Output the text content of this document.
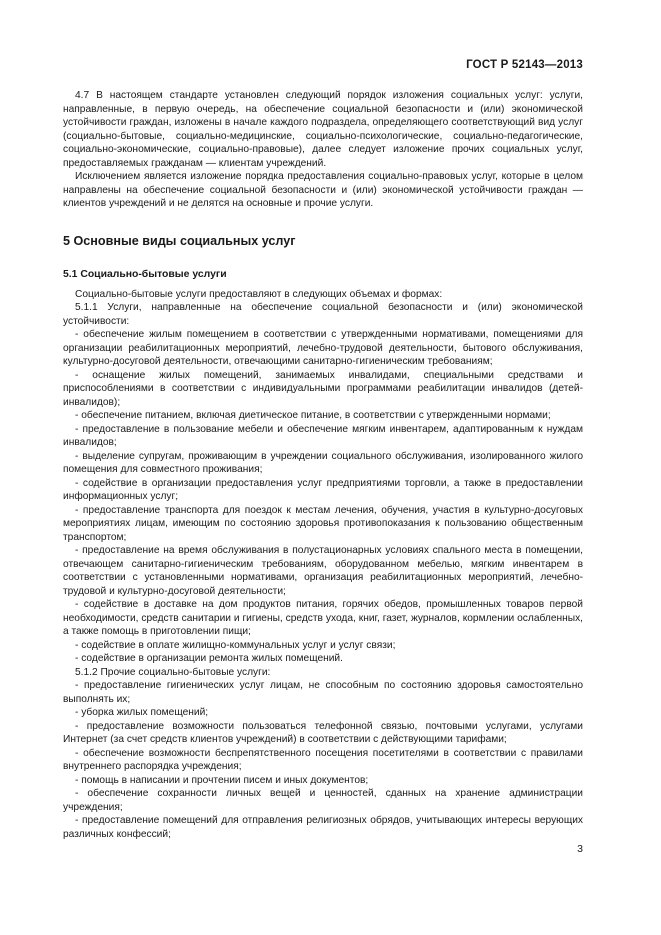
ГОСТ Р 52143—2013

4.7 В настоящем стандарте установлен следующий порядок изложения социальных услуг: услуги, направленные, в первую очередь, на обеспечение социальной безопасности и (или) экономической устойчивости граждан, изложены в начале каждого подраздела, определяющего соответствующий вид услуг (социально-бытовые, социально-медицинские, социально-психологические, социально-педагогические, социально-экономические, социально-правовые), далее следует изложение прочих социальных услуг, предоставляемых гражданам — клиентам учреждений.

Исключением является изложение порядка предоставления социально-правовых услуг, которые в целом направлены на обеспечение социальной безопасности и (или) экономической устойчивости граждан — клиентов учреждений и не делятся на основные и прочие услуги.

5 Основные виды социальных услуг
5.1 Социально-бытовые услуги

Социально-бытовые услуги предоставляют в следующих объемах и формах:

5.1.1 Услуги, направленные на обеспечение социальной безопасности и (или) экономической устойчивости:

- обеспечение жилым помещением в соответствии с утвержденными нормативами, помещениями для организации реабилитационных мероприятий, лечебно-трудовой деятельности, бытового обслуживания, культурно-досуговой деятельности, отвечающими санитарно-гигиеническим требованиям;

- оснащение жилых помещений, занимаемых инвалидами, специальными средствами и приспособлениями в соответствии с индивидуальными программами реабилитации инвалидов (детей-инвалидов);

- обеспечение питанием, включая диетическое питание, в соответствии с утвержденными нормами;

- предоставление в пользование мебели и обеспечение мягким инвентарем, адаптированным к нуждам инвалидов;

- выделение супругам, проживающим в учреждении социального обслуживания, изолированного жилого помещения для совместного проживания;

- содействие в организации предоставления услуг предприятиями торговли, а также в предоставлении информационных услуг;

- предоставление транспорта для поездок к местам лечения, обучения, участия в культурно-досуговых мероприятиях лицам, имеющим по состоянию здоровья противопоказания к пользованию общественным транспортом;

- предоставление на время обслуживания в полустационарных условиях спального места в помещении, отвечающем санитарно-гигиеническим требованиям, оборудованном мебелью, мягким инвентарем в соответствии с установленными нормативами, организация реабилитационных мероприятий, лечебно-трудовой и культурно-досуговой деятельности;

- содействие в доставке на дом продуктов питания, горячих обедов, промышленных товаров первой необходимости, средств санитарии и гигиены, средств ухода, книг, газет, журналов, кормлении ослабленных, а также помощь в приготовлении пищи;

- содействие в оплате жилищно-коммунальных услуг и услуг связи;

- содействие в организации ремонта жилых помещений.

5.1.2 Прочие социально-бытовые услуги:

- предоставление гигиенических услуг лицам, не способным по состоянию здоровья самостоятельно выполнять их;

- уборка жилых помещений;

- предоставление возможности пользоваться телефонной связью, почтовыми услугами, услугами Интернет (за счет средств клиентов учреждений) в соответствии с действующими тарифами;

- обеспечение возможности беспрепятственного посещения посетителями в соответствии с правилами внутреннего распорядка учреждения;

- помощь в написании и прочтении писем и иных документов;

- обеспечение сохранности личных вещей и ценностей, сданных на хранение администрации учреждения;

- предоставление помещений для отправления религиозных обрядов, учитывающих интересы верующих различных конфессий;

3
